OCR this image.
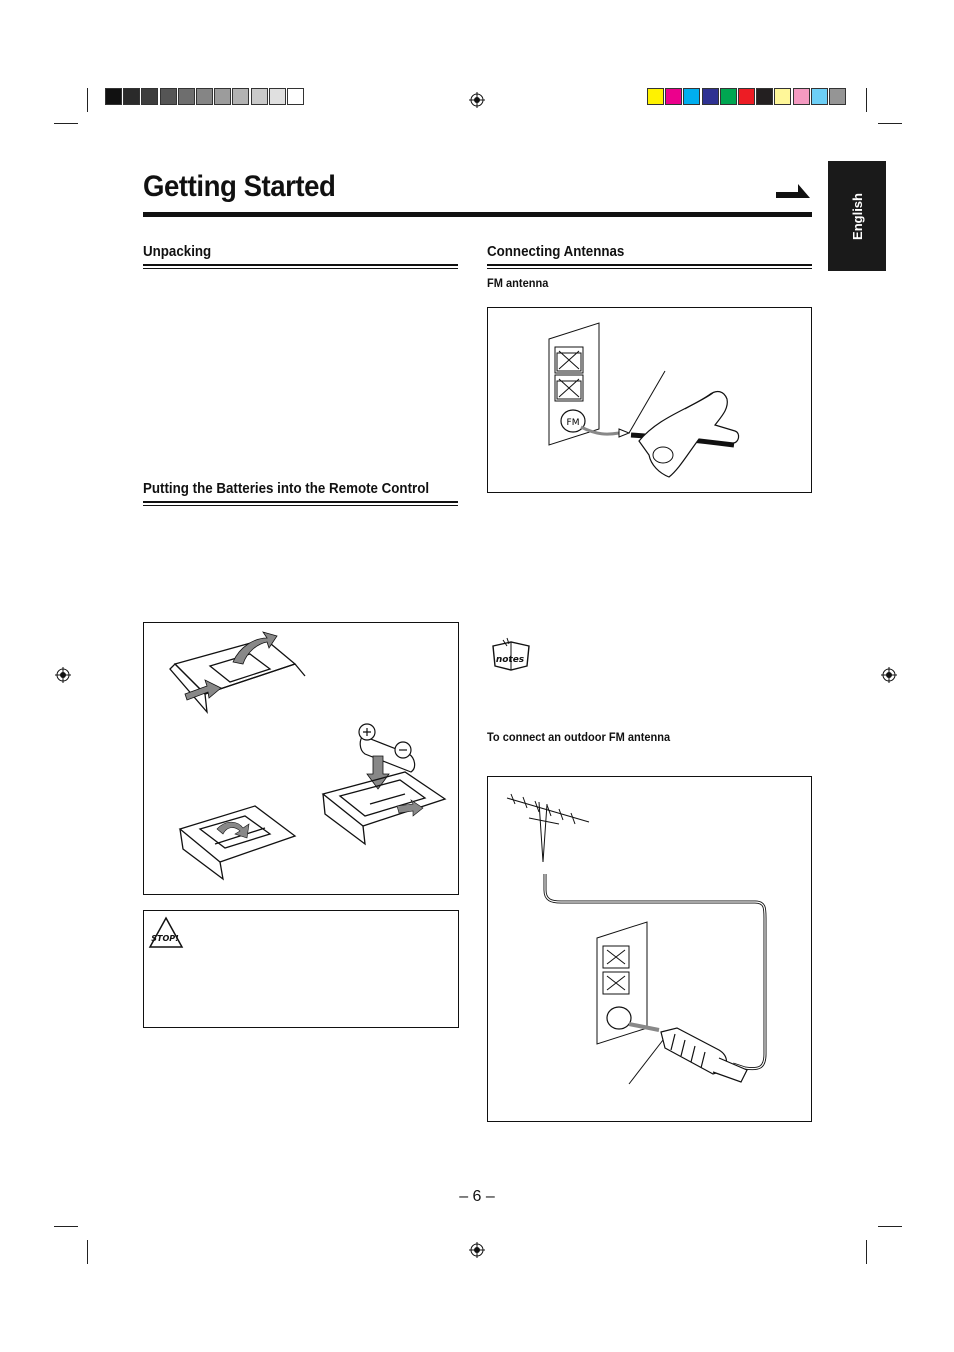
English
Getting Started
Unpacking
Putting the Batteries into the Remote Control
STOP!
Connecting Antennas
FM antenna
FM
notes
To connect an outdoor FM antenna
– 6 –
